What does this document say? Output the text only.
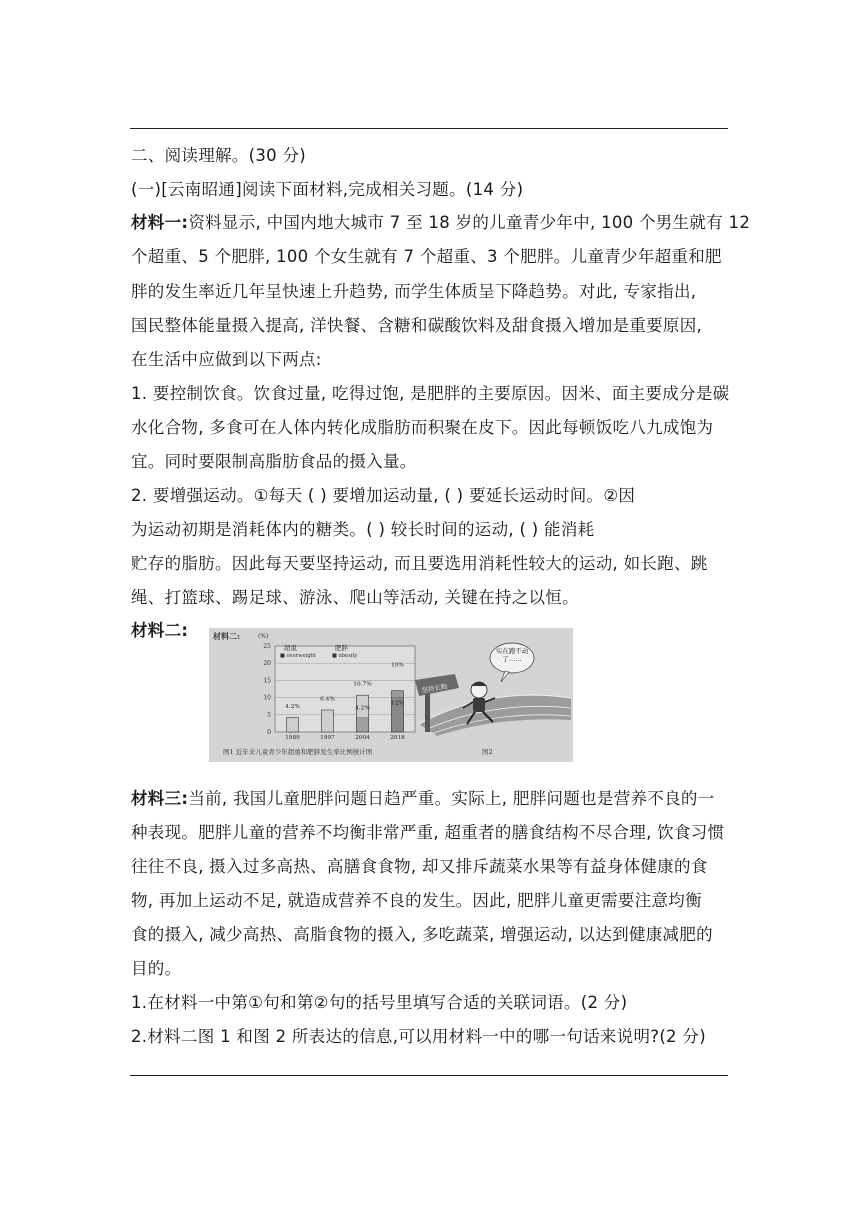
二、阅读理解。(30 分)
(一)[云南昭通]阅读下面材料,完成相关习题。(14 分)
材料一:资料显示, 中国内地大城市 7 至 18 岁的儿童青少年中, 100 个男生就有 12
个超重、5 个肥胖, 100 个女生就有 7 个超重、3 个肥胖。儿童青少年超重和肥
胖的发生率近几年呈快速上升趋势, 而学生体质呈下降趋势。对此, 专家指出,
国民整体能量摄入提高, 洋快餐、含糖和碳酸饮料及甜食摄入增加是重要原因,
在生活中应做到以下两点:
1. 要控制饮食。饮食过量, 吃得过饱, 是肥胖的主要原因。因米、面主要成分是碳
水化合物, 多食可在人体内转化成脂肪而积聚在皮下。因此每顿饭吃八九成饱为
宜。同时要限制高脂肪食品的摄入量。
2. 要增强运动。①每天 ( ) 要增加运动量, ( ) 要延长运动时间。②因
为运动初期是消耗体内的糖类。( ) 较长时间的运动, ( ) 能消耗
贮存的脂肪。因此每天要坚持运动, 而且要选用消耗性较大的运动, 如长跑、跳
绳、打篮球、踢足球、游泳、爬山等活动, 关键在持之以恒。
材料二:	材料二:	(%)
25
20
15
10
5
0
超重
■ overweight
肥胖
■ obesity
4.2%
6.4%
10.7%
4.2%
10%
12%
1989	1997	2004	2018
图1 近年来儿童青少年超重和肥胖发生率比例统计图	图2
坚持长跑
实在跑不动了……
材料三:当前, 我国儿童肥胖问题日趋严重。实际上, 肥胖问题也是营养不良的一
种表现。肥胖儿童的营养不均衡非常严重, 超重者的膳食结构不尽合理, 饮食习惯
往往不良, 摄入过多高热、高膳食食物, 却又排斥蔬菜水果等有益身体健康的食
物, 再加上运动不足, 就造成营养不良的发生。因此, 肥胖儿童更需要注意均衡
食的摄入, 减少高热、高脂食物的摄入, 多吃蔬菜, 增强运动, 以达到健康减肥的
目的。
1.在材料一中第①句和第②句的括号里填写合适的关联词语。(2 分)
2.材料二图 1 和图 2 所表达的信息,可以用材料一中的哪一句话来说明?(2 分)
